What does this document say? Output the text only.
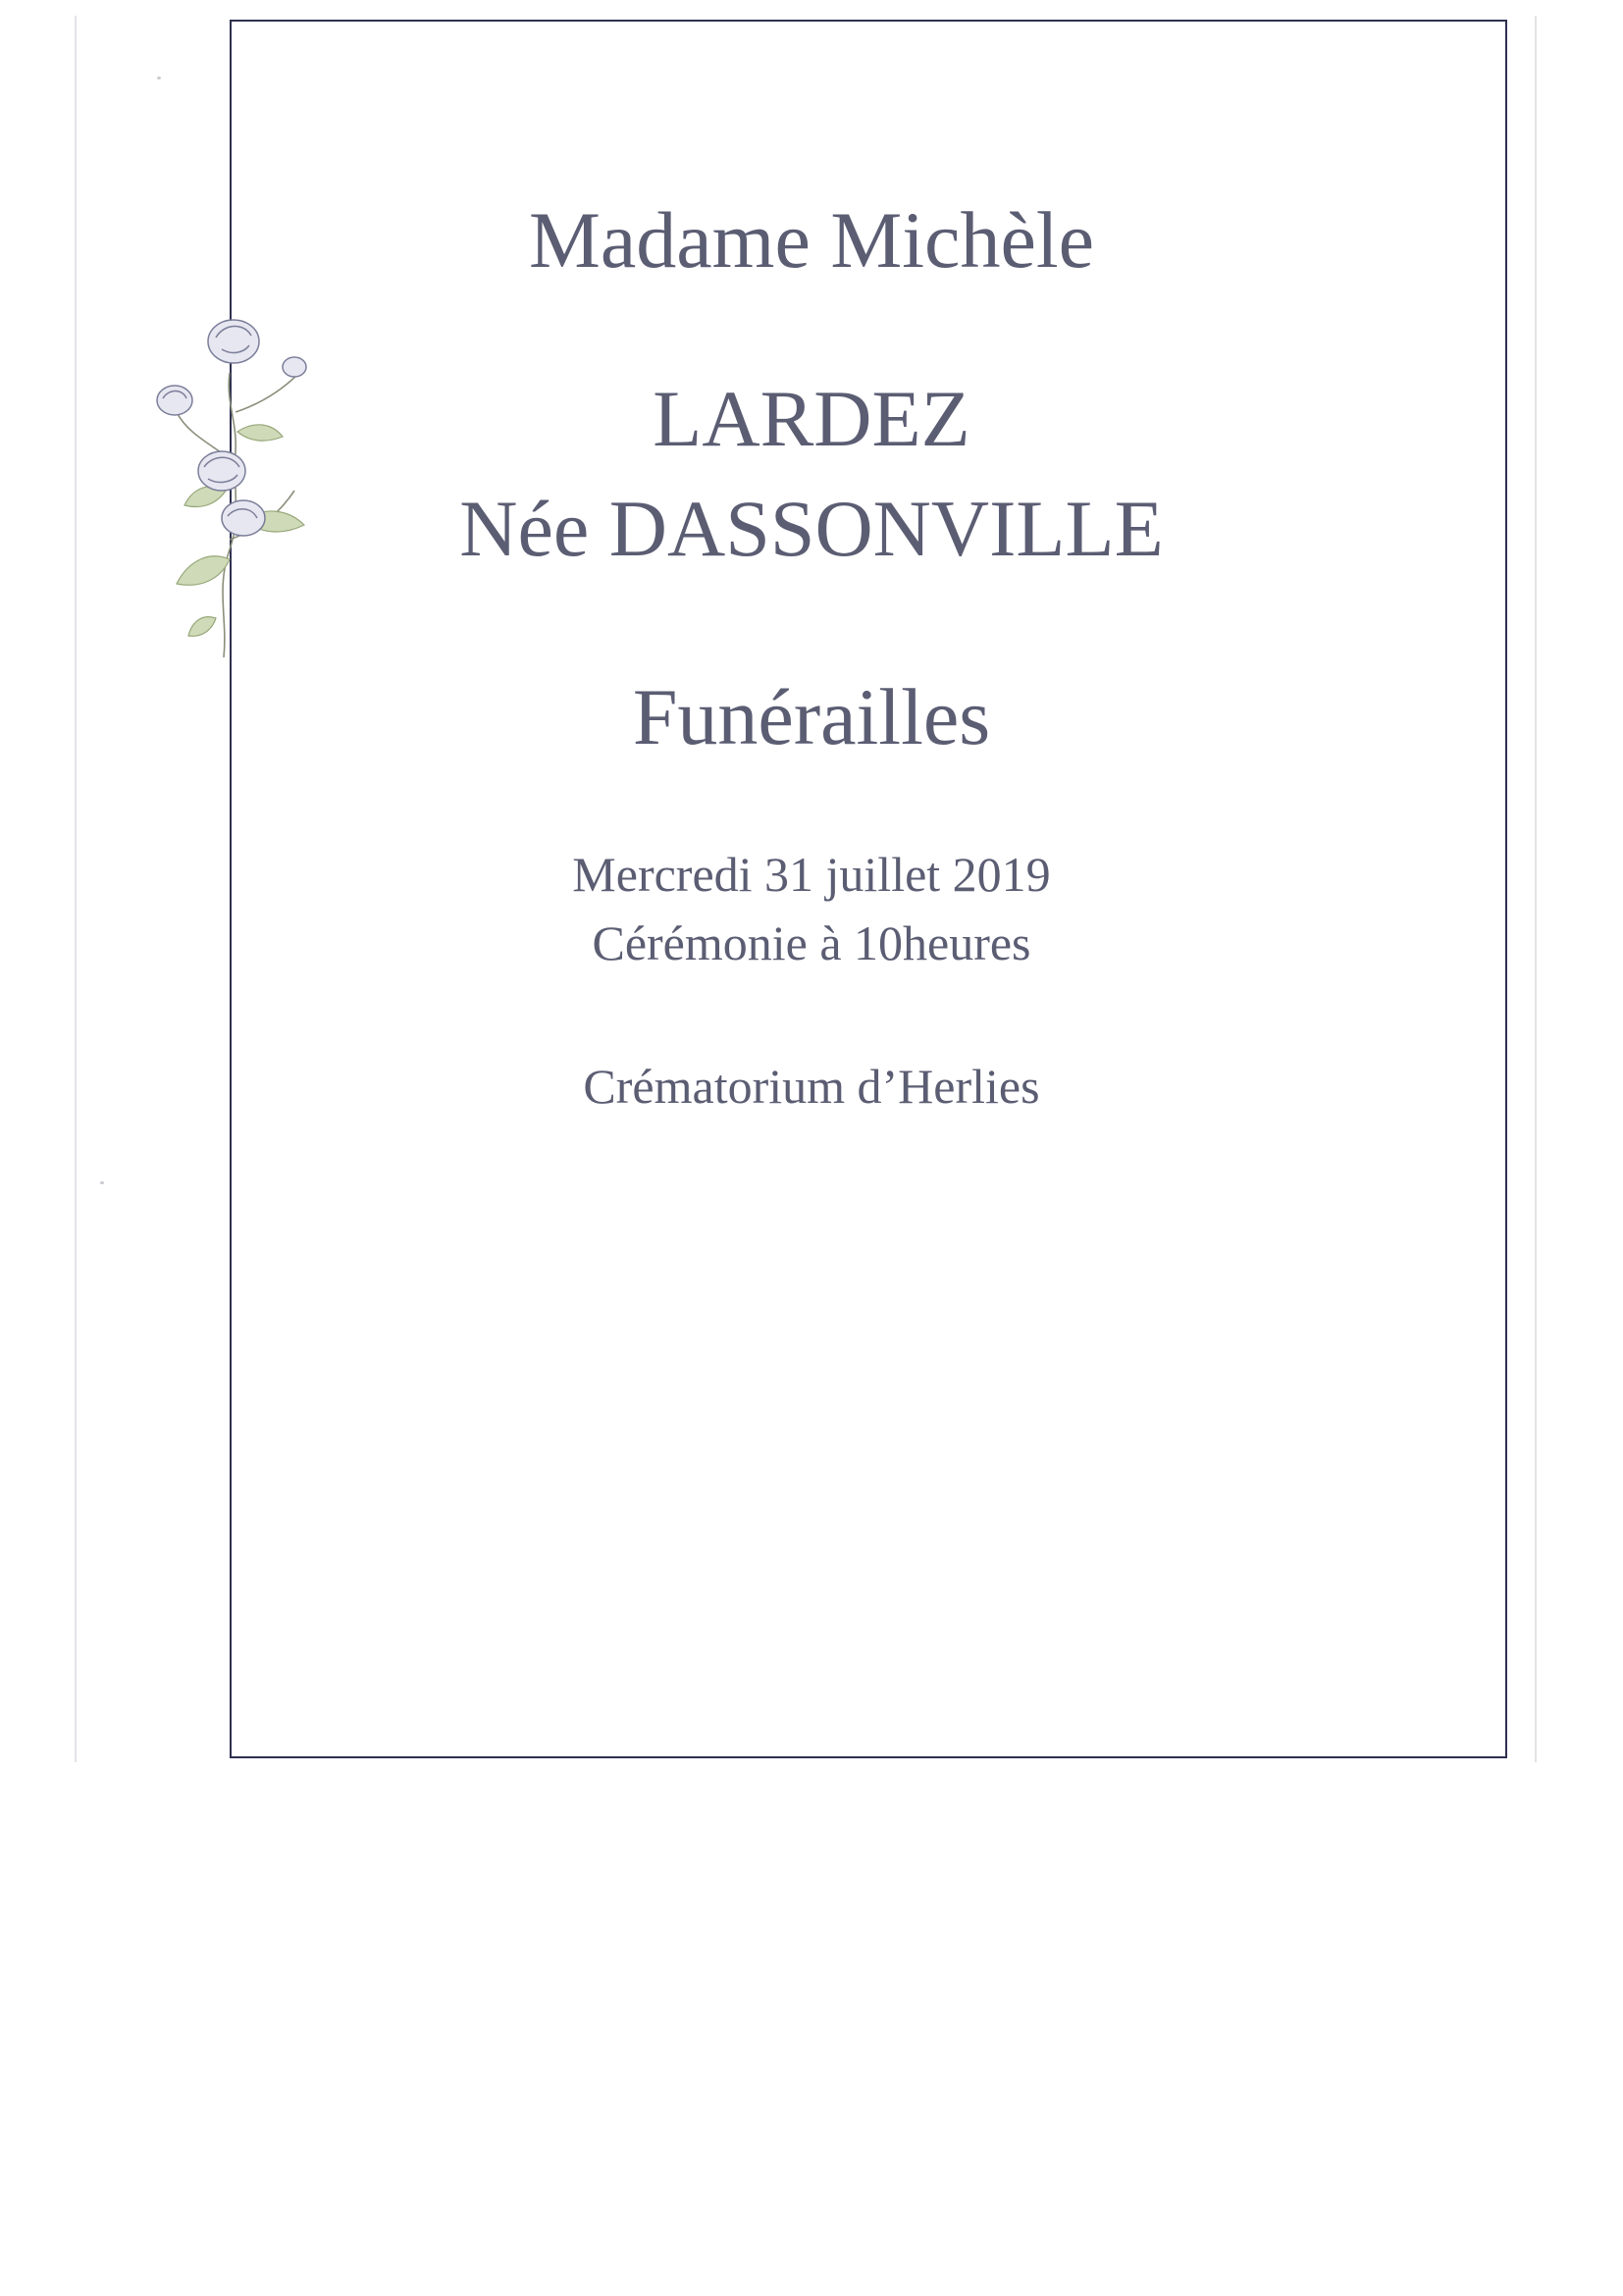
Madame Michèle
LARDEZ
Née DASSONVILLE
Funérailles
Mercredi 31 juillet 2019
Cérémonie à 10heures
Crématorium d’Herlies
